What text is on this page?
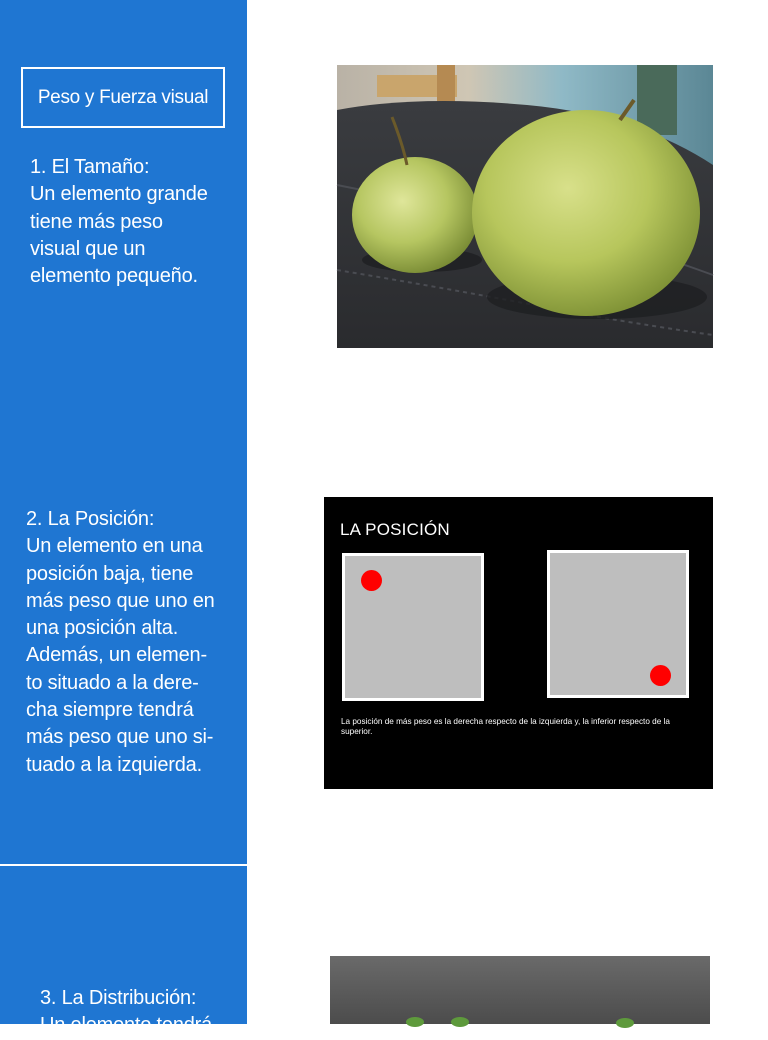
Peso y Fuerza visual
1. El Tamaño:
Un elemento grande
tiene más peso
visual que un
elemento pequeño.
2. La Posición:
Un elemento en una
posición baja, tiene
más peso que uno en
una posición alta.
Además, un elemen-
to situado a la dere-
cha siempre tendrá
más peso que uno si-
tuado a la izquierda.
3. La Distribución:
Un elemento tendrá
LA POSICIÓN
La posición de más peso es la derecha respecto de la izquierda y, la inferior respecto de la superior.
